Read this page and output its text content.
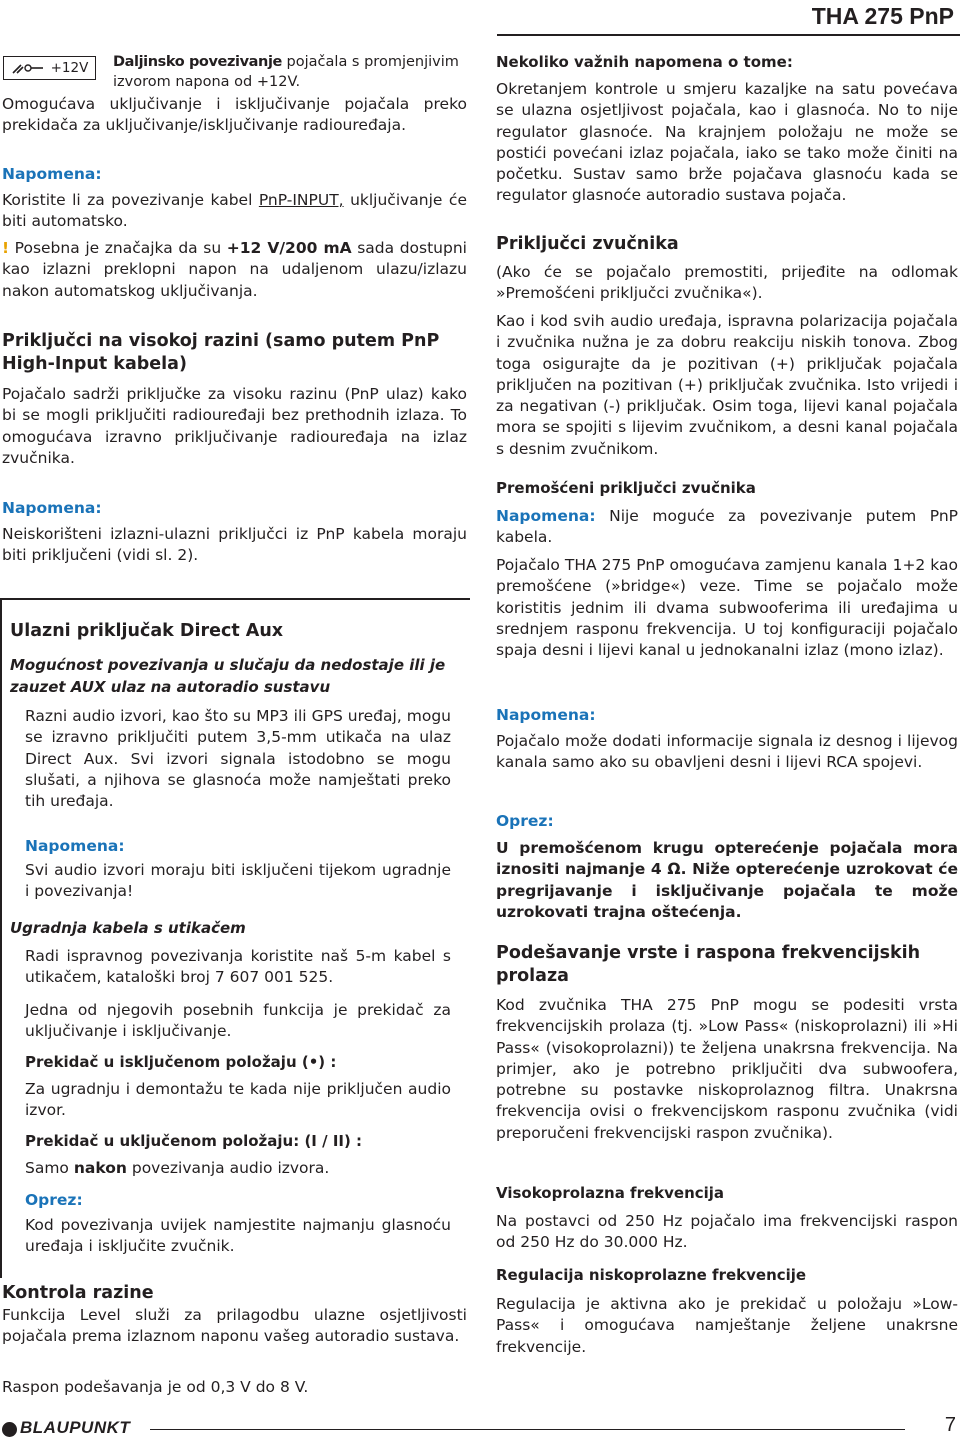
THA 275 PnP
+12V Daljinsko povezivanje pojačala s promjenjivim izvorom napona od +12V.

Omogućava uključivanje i isključivanje pojačala preko prekidača za uključivanje/isključivanje radiouređaja.

Napomena:

Koristite li za povezivanje kabel PnP-INPUT, uključivanje će biti automatsko.

! Posebna je značajka da su +12 V/200 mA sada dostupni kao izlazni preklopni napon na udaljenom ulazu/izlazu nakon automatskog uključivanja.

Priključci na visokoj razini (samo putem PnP High-Input kabela)

Pojačalo sadrži priključke za visoku razinu (PnP ulaz) kako bi se mogli priključiti radiouređaji bez prethodnih izlaza. To omogućava izravno priključivanje radiouređaja na izlaz zvučnika.

Napomena:

Neiskorišteni izlazni-ulazni priključci iz PnP kabela moraju biti priključeni (vidi sl. 2).

Ulazni priključak Direct Aux

Mogućnost povezivanja u slučaju da nedostaje ili je zauzet AUX ulaz na autoradio sustavu

Razni audio izvori, kao što su MP3 ili GPS uređaj, mogu se izravno priključiti putem 3,5-mm utikača na ulaz Direct Aux. Svi izvori signala istodobno se mogu slušati, a njihova se glasnoća može namještati preko tih uređaja.

Napomena:

Svi audio izvori moraju biti isključeni tijekom ugradnje i povezivanja!

Ugradnja kabela s utikačem

Radi ispravnog povezivanja koristite naš 5-m kabel s utikačem, kataloški broj 7 607 001 525.

Jedna od njegovih posebnih funkcija je prekidač za uključivanje i isključivanje.

Prekidač u isključenom položaju (•) :

Za ugradnju i demontažu te kada nije priključen audio izvor.

Prekidač u uključenom položaju: (I / II) :

Samo nakon povezivanja audio izvora.

Oprez:

Kod povezivanja uvijek namjestite najmanju glasnoću uređaja i isključite zvučnik.

Kontrola razine

Funkcija Level služi za prilagodbu ulazne osjetljivosti pojačala prema izlaznom naponu vašeg autoradio sustava.

Raspon podešavanja je od 0,3 V do 8 V.

Nekoliko važnih napomena o tome:

Okretanjem kontrole u smjeru kazaljke na satu povećava se ulazna osjetljivost pojačala, kao i glasnoća. No to nije regulator glasnoće. Na krajnjem položaju ne može se postići povećani izlaz pojačala, iako se tako može činiti na početku. Sustav samo brže pojačava glasnoću kada se regulator glasnoće autoradio sustava pojača.

Priključci zvučnika

(Ako će se pojačalo premostiti, prijeđite na odlomak »Premošćeni priključci zvučnika«).

Kao i kod svih audio uređaja, ispravna polarizacija pojačala i zvučnika nužna je za dobru reakciju niskih tonova. Zbog toga osigurajte da je pozitivan (+) priključak pojačala priključen na pozitivan (+) priključak zvučnika. Isto vrijedi i za negativan (-) priključak. Osim toga, lijevi kanal pojačala mora se spojiti s lijevim zvučnikom, a desni kanal pojačala s desnim zvučnikom.

Premošćeni priključci zvučnika

Napomena: Nije moguće za povezivanje putem PnP kabela.

Pojačalo THA 275 PnP omogućava zamjenu kanala 1+2 kao premošćene (»bridge«) veze. Time se pojačalo može koristitis jednim ili dvama subwooferima ili uređajima u srednjem rasponu frekvencija. U toj konfiguraciji pojačalo spaja desni i lijevi kanal u jednokanalni izlaz (mono izlaz).

Napomena:

Pojačalo može dodati informacije signala iz desnog i lijevog kanala samo ako su obavljeni desni i lijevi RCA spojevi.

Oprez:

U premošćenom krugu opterećenje pojačala mora iznositi najmanje 4 Ω. Niže opterećenje uzrokovat će pregrijavanje i isključivanje pojačala te može uzrokovati trajna oštećenja.

Podešavanje vrste i raspona frekvencijskih prolaza

Kod zvučnika THA 275 PnP mogu se podesiti vrsta frekvencijskih prolaza (tj. »Low Pass« (niskoprolazni) ili »Hi Pass« (visokoprolazni)) te željena unakrsna frekvencija. Na primjer, ako je potrebno priključiti dva subwoofera, potrebne su postavke niskoprolaznog filtra. Unakrsna frekvencija ovisi o frekvencijskom rasponu zvučnika (vidi preporučeni frekvencijski raspon zvučnika).

Visokoprolazna frekvencija

Na postavci od 250 Hz pojačalo ima frekvencijski raspon od 250 Hz do 30.000 Hz.

Regulacija niskoprolazne frekvencije

Regulacija je aktivna ako je prekidač u položaju »Low-Pass« i omogućava namještanje željene unakrsne frekvencije.

BLAUPUNKT	7
